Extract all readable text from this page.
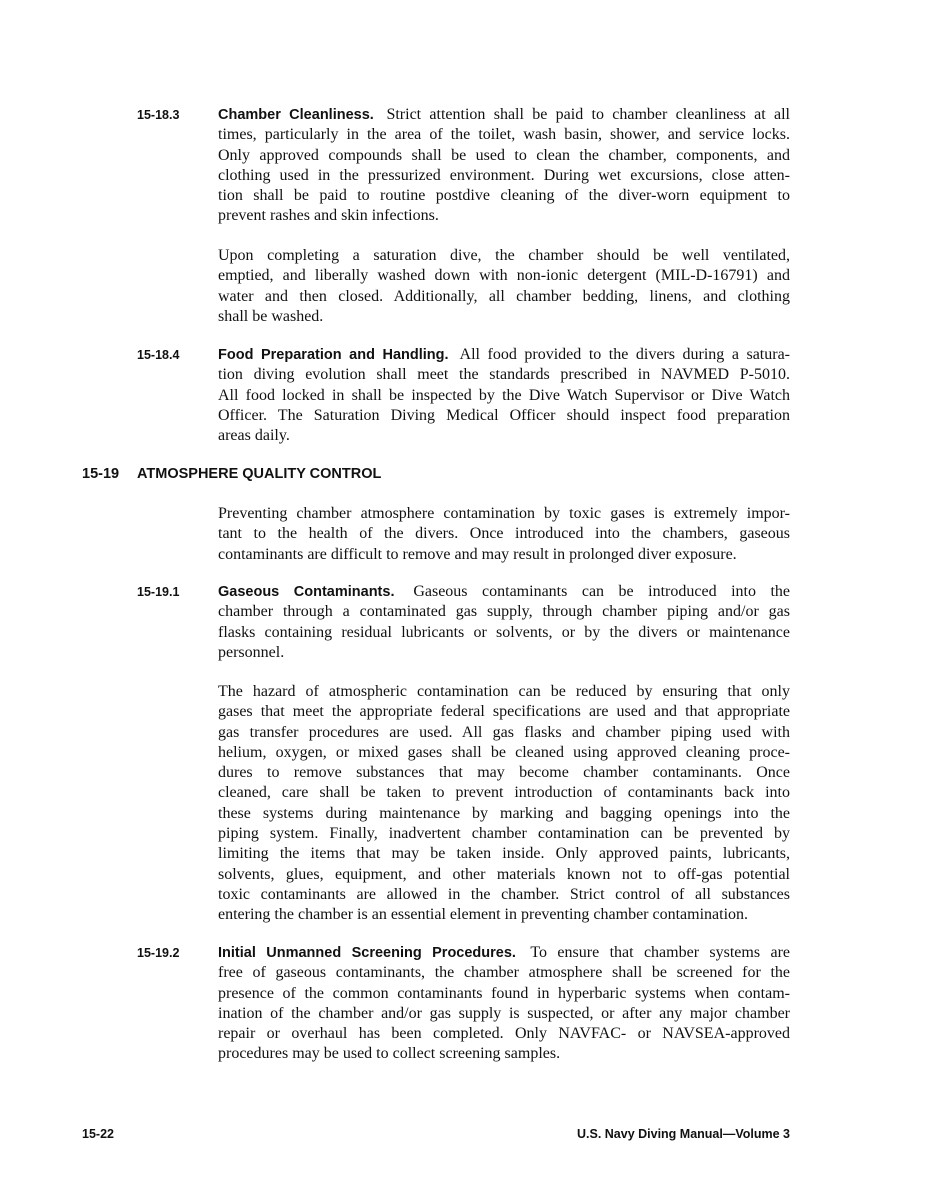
15-19 ATMOSPHERE QUALITY CONTROL
15-18.3	Chamber Cleanliness. Strict attention shall be paid to chamber cleanliness at all
times, particularly in the area of the toilet, wash basin, shower, and service locks.
Only approved compounds shall be used to clean the chamber, components, and
clothing used in the pressurized environment. During wet excursions, close atten-
tion shall be paid to routine postdive cleaning of the diver-worn equipment to
prevent rashes and skin infections.
Upon completing a saturation dive, the chamber should be well ventilated,
emptied, and liberally washed down with non-ionic detergent (MIL-D-16791) and
water and then closed. Additionally, all chamber bedding, linens, and clothing
shall be washed.
15-18.4	Food Preparation and Handling. All food provided to the divers during a satura-
tion diving evolution shall meet the standards prescribed in NAVMED P-5010.
All food locked in shall be inspected by the Dive Watch Supervisor or Dive Watch
Officer. The Saturation Diving Medical Officer should inspect food preparation
areas daily.
Preventing chamber atmosphere contamination by toxic gases is extremely impor-
tant to the health of the divers. Once introduced into the chambers, gaseous
contaminants are difficult to remove and may result in prolonged diver exposure.
15-19.1	Gaseous Contaminants. Gaseous contaminants can be introduced into the
chamber through a contaminated gas supply, through chamber piping and/or gas
flasks containing residual lubricants or solvents, or by the divers or maintenance
personnel.
The hazard of atmospheric contamination can be reduced by ensuring that only
gases that meet the appropriate federal specifications are used and that appropriate
gas transfer procedures are used. All gas flasks and chamber piping used with
helium, oxygen, or mixed gases shall be cleaned using approved cleaning proce-
dures to remove substances that may become chamber contaminants. Once
cleaned, care shall be taken to prevent introduction of contaminants back into
these systems during maintenance by marking and bagging openings into the
piping system. Finally, inadvertent chamber contamination can be prevented by
limiting the items that may be taken inside. Only approved paints, lubricants,
solvents, glues, equipment, and other materials known not to off-gas potential
toxic contaminants are allowed in the chamber. Strict control of all substances
entering the chamber is an essential element in preventing chamber contamination.
15-19.2	Initial Unmanned Screening Procedures. To ensure that chamber systems are
free of gaseous contaminants, the chamber atmosphere shall be screened for the
presence of the common contaminants found in hyperbaric systems when contam-
ination of the chamber and/or gas supply is suspected, or after any major chamber
repair or overhaul has been completed. Only NAVFAC- or NAVSEA-approved
procedures may be used to collect screening samples.
15-22	U.S. Navy Diving Manual—Volume 3
